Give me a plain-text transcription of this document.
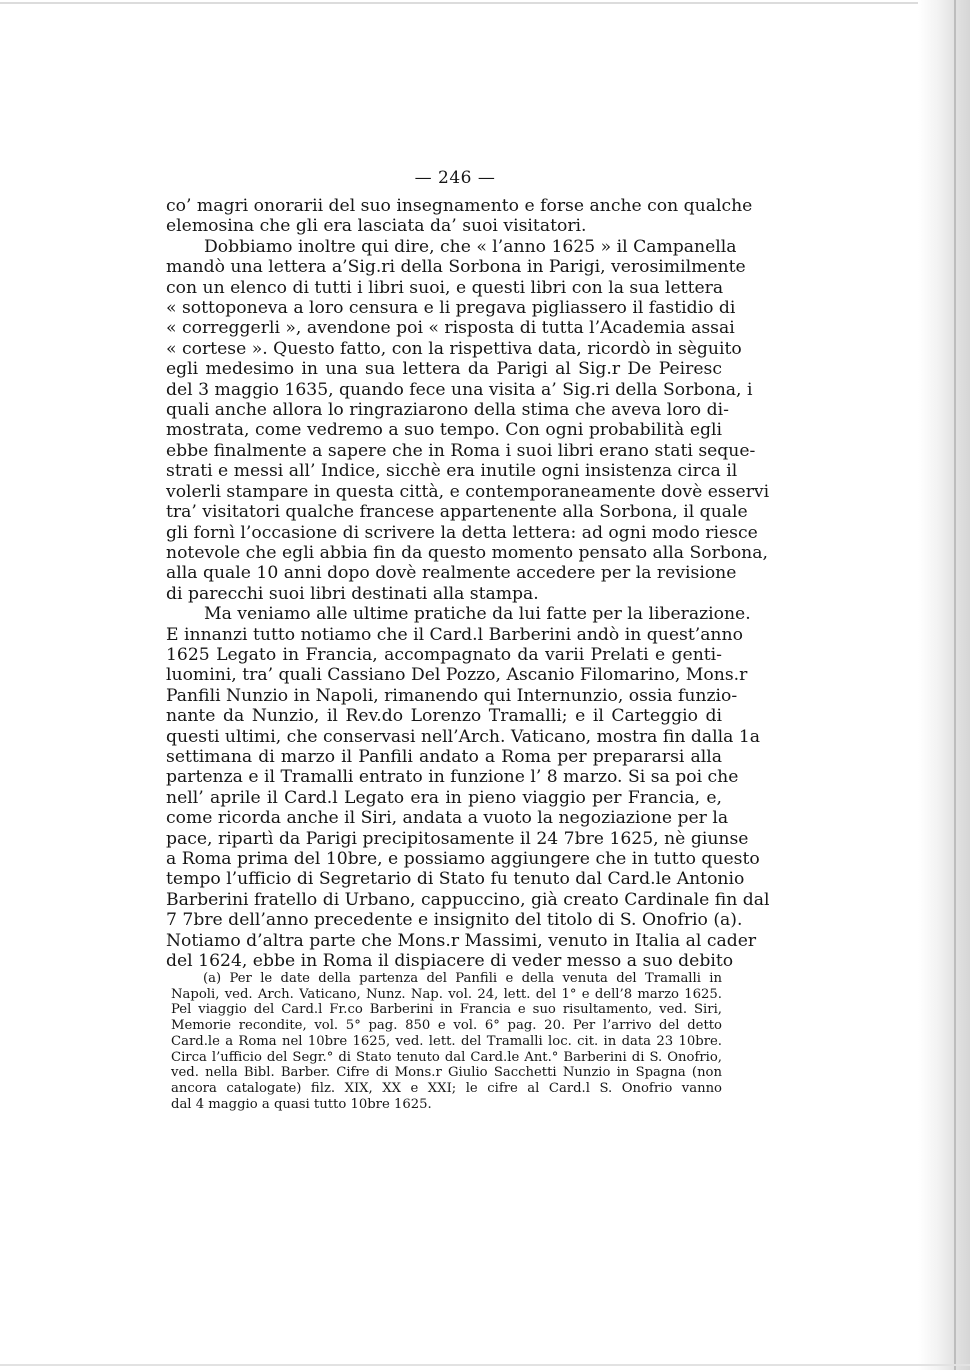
— 246 —
co’ magri onorarii del suo insegnamento e forse anche con qualche
elemosina che gli era lasciata da’ suoi visitatori.
Dobbiamo inoltre qui dire, che « l’anno 1625 » il Campanella
mandò una lettera a’Sig.ri della Sorbona in Parigi, verosimilmente
con un elenco di tutti i libri suoi, e questi libri con la sua lettera
« sottoponeva a loro censura e li pregava pigliassero il fastidio di
« correggerli », avendone poi « risposta di tutta l’Academia assai
« cortese ». Questo fatto, con la rispettiva data, ricordò in sèguito
egli medesimo in una sua lettera da Parigi al Sig.r De Peiresc
del 3 maggio 1635, quando fece una visita a’ Sig.ri della Sorbona, i
quali anche allora lo ringraziarono della stima che aveva loro di-
mostrata, come vedremo a suo tempo. Con ogni probabilità egli
ebbe finalmente a sapere che in Roma i suoi libri erano stati seque-
strati e messi all’ Indice, sicchè era inutile ogni insistenza circa il
volerli stampare in questa città, e contemporaneamente dovè esservi
tra’ visitatori qualche francese appartenente alla Sorbona, il quale
gli fornì l’occasione di scrivere la detta lettera: ad ogni modo riesce
notevole che egli abbia fin da questo momento pensato alla Sorbona,
alla quale 10 anni dopo dovè realmente accedere per la revisione
di parecchi suoi libri destinati alla stampa.
Ma veniamo alle ultime pratiche da lui fatte per la liberazione.
E innanzi tutto notiamo che il Card.l Barberini andò in quest’anno
1625 Legato in Francia, accompagnato da varii Prelati e genti-
luomini, tra’ quali Cassiano Del Pozzo, Ascanio Filomarino, Mons.r
Panfili Nunzio in Napoli, rimanendo qui Internunzio, ossia funzio-
nante da Nunzio, il Rev.do Lorenzo Tramalli; e il Carteggio di
questi ultimi, che conservasi nell’Arch. Vaticano, mostra fin dalla 1a
settimana di marzo il Panfili andato a Roma per prepararsi alla
partenza e il Tramalli entrato in funzione l’ 8 marzo. Si sa poi che
nell’ aprile il Card.l Legato era in pieno viaggio per Francia, e,
come ricorda anche il Siri, andata a vuoto la negoziazione per la
pace, ripartì da Parigi precipitosamente il 24 7bre 1625, nè giunse
a Roma prima del 10bre, e possiamo aggiungere che in tutto questo
tempo l’ufficio di Segretario di Stato fu tenuto dal Card.le Antonio
Barberini fratello di Urbano, cappuccino, già creato Cardinale fin dal
7 7bre dell’anno precedente e insignito del titolo di S. Onofrio (a).
Notiamo d’altra parte che Mons.r Massimi, venuto in Italia al cader
del 1624, ebbe in Roma il dispiacere di veder messo a suo debito
(a) Per le date della partenza del Panfili e della venuta del Tramalli in
Napoli, ved. Arch. Vaticano, Nunz. Nap. vol. 24, lett. del 1° e dell’8 marzo 1625.
Pel viaggio del Card.l Fr.co Barberini in Francia e suo risultamento, ved. Siri,
Memorie recondite, vol. 5° pag. 850 e vol. 6° pag. 20. Per l’arrivo del detto
Card.le a Roma nel 10bre 1625, ved. lett. del Tramalli loc. cit. in data 23 10bre.
Circa l’ufficio del Segr.° di Stato tenuto dal Card.le Ant.° Barberini di S. Onofrio,
ved. nella Bibl. Barber. Cifre di Mons.r Giulio Sacchetti Nunzio in Spagna (non
ancora catalogate) filz. XIX, XX e XXI; le cifre al Card.l S. Onofrio vanno
dal 4 maggio a quasi tutto 10bre 1625.
